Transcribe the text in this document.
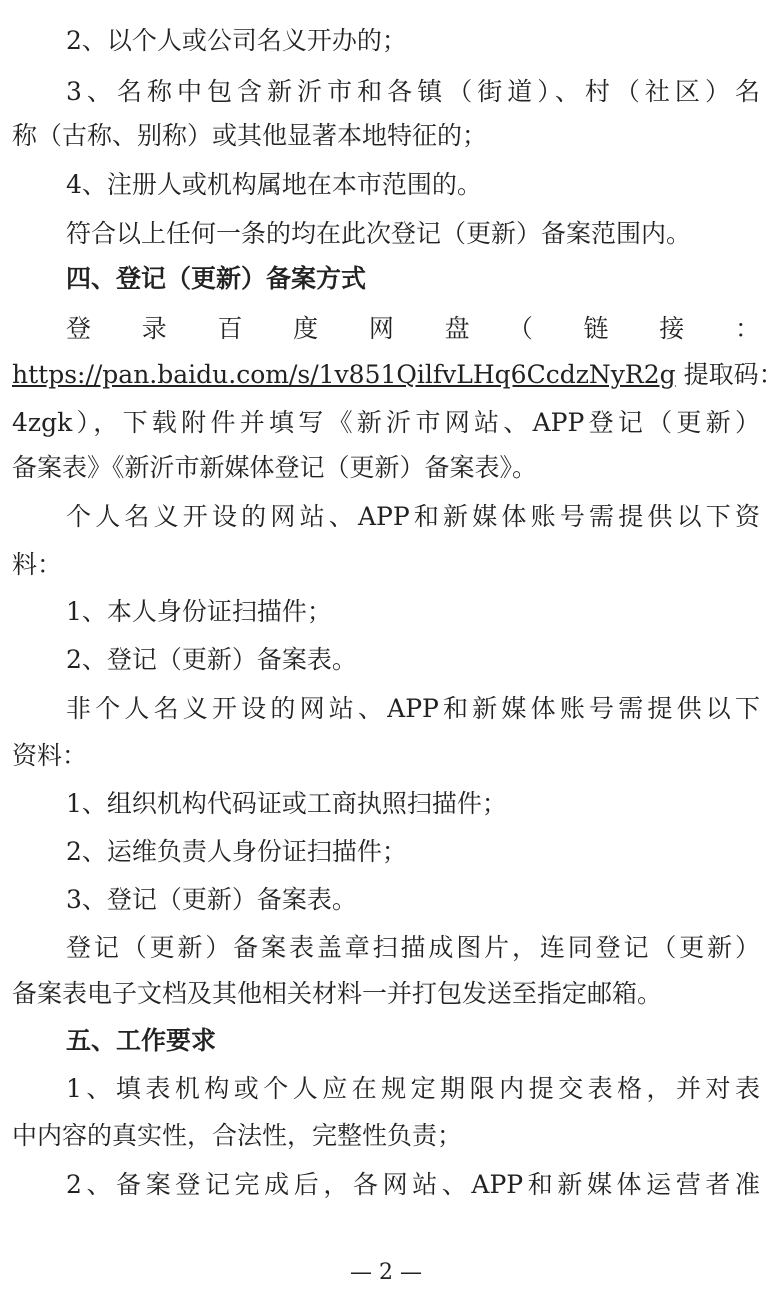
2、以个人或公司名义开办的；
3、名称中包含新沂市和各镇（街道）、村（社区）名
称（古称、别称）或其他显著本地特征的；
4、注册人或机构属地在本市范围的。
符合以上任何一条的均在此次登记（更新）备案范围内。
四、登记（更新）备案方式
登　录　百　度　网　盘　（　链　接　：
https://pan.baidu.com/s/1v851QilfvLHq6CcdzNyR2g 提取码：
4zgk），下载附件并填写《新沂市网站、APP登记（更新）
备案表》《新沂市新媒体登记（更新）备案表》。
个人名义开设的网站、APP和新媒体账号需提供以下资
料：
1、本人身份证扫描件；
2、登记（更新）备案表。
非个人名义开设的网站、APP和新媒体账号需提供以下
资料：
1、组织机构代码证或工商执照扫描件；
2、运维负责人身份证扫描件；
3、登记（更新）备案表。
登记（更新）备案表盖章扫描成图片，连同登记（更新）
备案表电子文档及其他相关材料一并打包发送至指定邮箱。
五、工作要求
1、填表机构或个人应在规定期限内提交表格，并对表
中内容的真实性，合法性，完整性负责；
2、备案登记完成后，各网站、APP和新媒体运营者准
— 2 —
